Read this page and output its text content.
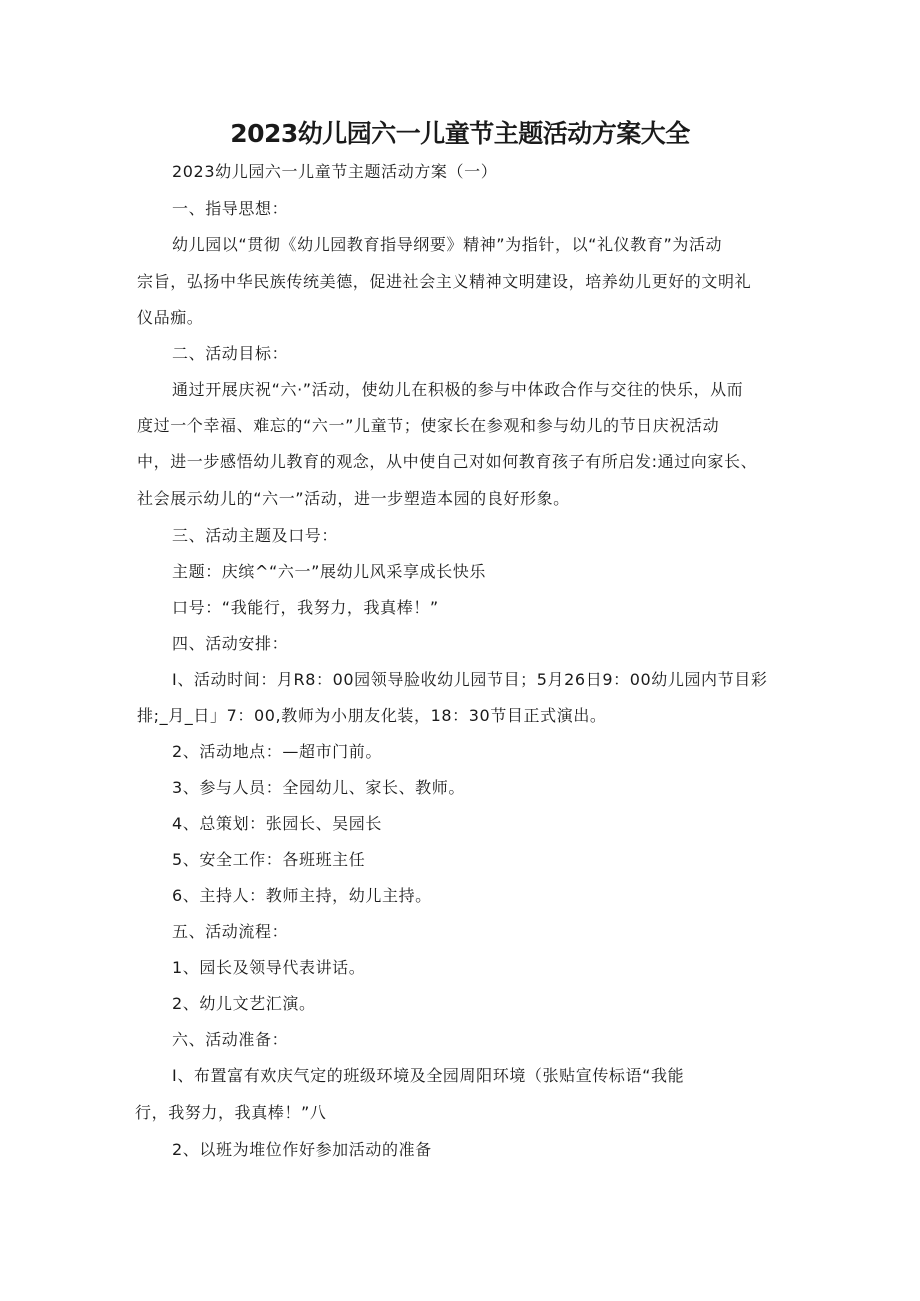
2023幼儿园六一儿童节主题活动方案大全
2023幼儿园六一儿童节主题活动方案（一）
一、指导思想：
幼儿园以“贯彻《幼儿园教育指导纲要》精神”为指针，以“礼仪教育”为活动
宗旨，弘扬中华民族传统美德，促进社会主义精神文明建设，培养幼儿更好的文明礼
仪品痂。
二、活动目标：
通过开展庆祝“六·”活动，使幼儿在积极的参与中体政合作与交往的快乐，从而
度过一个幸福、难忘的“六一”儿童节；使家长在参观和参与幼儿的节日庆祝活动
中，进一步感悟幼儿教育的观念，从中使自己对如何教育孩子有所启发:通过向家长、
社会展示幼儿的“六一”活动，进一步塑造本园的良好形象。
三、活动主题及口号：
主题：庆缤^“六一”展幼儿风采享成长快乐
口号：“我能行，我努力，我真棒！”
四、活动安排：
I、活动时间：月R8：00园领导脸收幼儿园节目；5月26日9：00幼儿园内节目彩
排;_月_日」7：00,教师为小朋友化装，18：30节目正式演出。
2、活动地点：—超市门前。
3、参与人员：全园幼儿、家长、教师。
4、总策划：张园长、吴园长
5、安全工作：各班班主任
6、主持人：教师主持，幼儿主持。
五、活动流程：
1、园长及领导代表讲话。
2、幼儿文艺汇演。
六、活动准备：
I、布置富有欢庆气定的班级环境及全园周阳环境（张贴宣传标语“我能
行，我努力，我真棒！”八
2、以班为堆位作好参加活动的准备
